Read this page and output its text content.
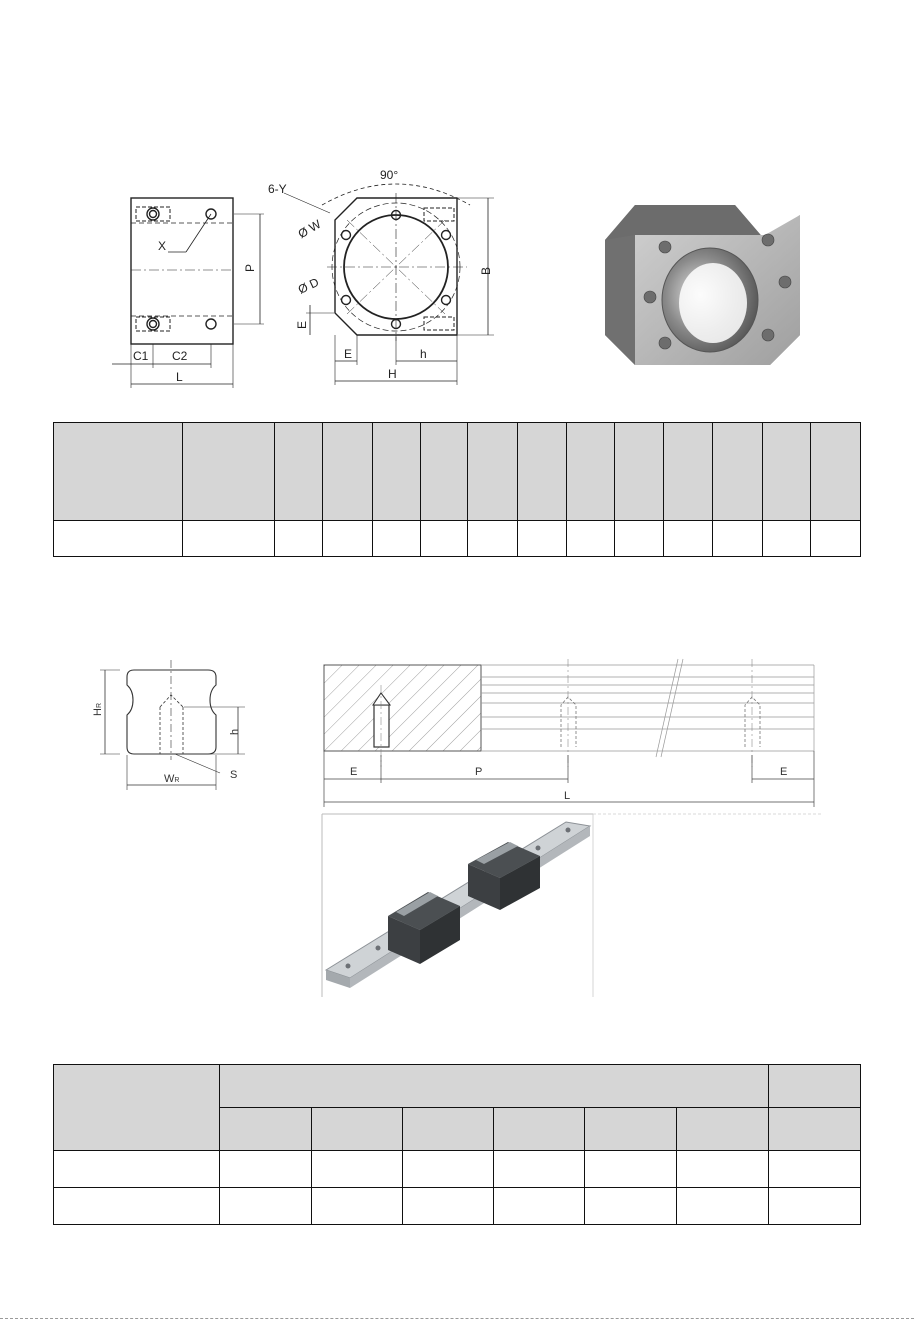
X
P
C1 C2
L
6-Y
90°
Ø W
Ø D
E
E	h
H
B

HR
h
WR	S	E	P	E
L
